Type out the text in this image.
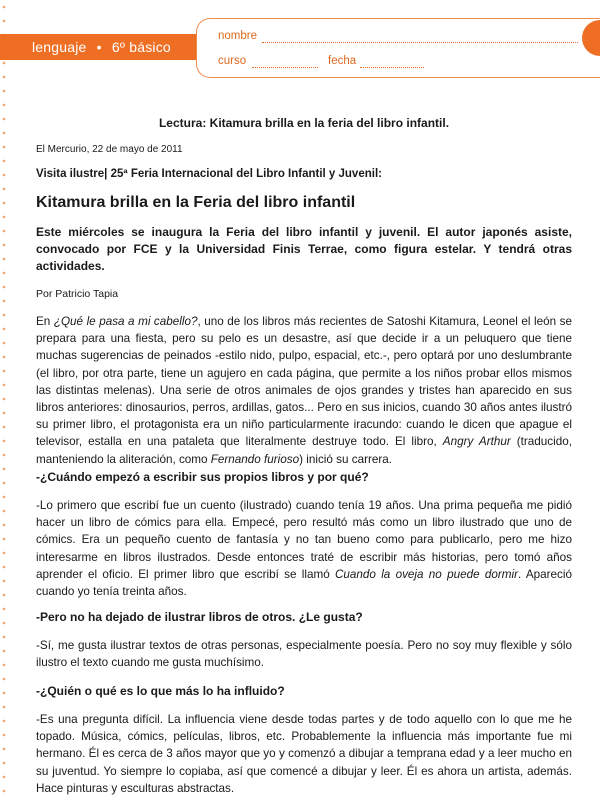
lenguaje • 6º básico
nombre
curso	fecha
Lectura: Kitamura brilla en la feria del libro infantil.
El Mercurio, 22 de mayo de 2011
Visita ilustre| 25ª Feria Internacional del Libro Infantil y Juvenil:
Kitamura brilla en la Feria del libro infantil
Este miércoles se inaugura la Feria del libro infantil y juvenil. El autor japonés asiste, convocado por FCE y la Universidad Finis Terrae, como figura estelar. Y tendrá otras actividades.
Por Patricio Tapia
En ¿Qué le pasa a mi cabello?, uno de los libros más recientes de Satoshi Kitamura, Leonel el león se prepara para una fiesta, pero su pelo es un desastre, así que decide ir a un peluquero que tiene muchas sugerencias de peinados -estilo nido, pulpo, espacial, etc.-, pero optará por uno deslumbrante (el libro, por otra parte, tiene un agujero en cada página, que permite a los niños probar ellos mismos las distintas melenas). Una serie de otros animales de ojos grandes y tristes han aparecido en sus libros anteriores: dinosaurios, perros, ardillas, gatos... Pero en sus inicios, cuando 30 años antes ilustró su primer libro, el protagonista era un niño particularmente iracundo: cuando le dicen que apague el televisor, estalla en una pataleta que literalmente destruye todo. El libro, Angry Arthur (traducido, manteniendo la aliteración, como Fernando furioso) inició su carrera.
-¿Cuándo empezó a escribir sus propios libros y por qué?
-Lo primero que escribí fue un cuento (ilustrado) cuando tenía 19 años. Una prima pequeña me pidió hacer un libro de cómics para ella. Empecé, pero resultó más como un libro ilustrado que uno de cómics. Era un pequeño cuento de fantasía y no tan bueno como para publicarlo, pero me hizo interesarme en libros ilustrados. Desde entonces traté de escribir más historias, pero tomó años aprender el oficio. El primer libro que escribí se llamó Cuando la oveja no puede dormir. Apareció cuando yo tenía treinta años.
-Pero no ha dejado de ilustrar libros de otros. ¿Le gusta?
-Sí, me gusta ilustrar textos de otras personas, especialmente poesía. Pero no soy muy flexible y sólo ilustro el texto cuando me gusta muchísimo.
-¿Quién o qué es lo que más lo ha influido?
-Es una pregunta difícil. La influencia viene desde todas partes y de todo aquello con lo que me he topado. Música, cómics, películas, libros, etc. Probablemente la influencia más importante fue mi hermano. Él es cerca de 3 años mayor que yo y comenzó a dibujar a temprana edad y a leer mucho en su juventud. Yo siempre lo copiaba, así que comencé a dibujar y leer. Él es ahora un artista, además. Hace pinturas y esculturas abstractas.
